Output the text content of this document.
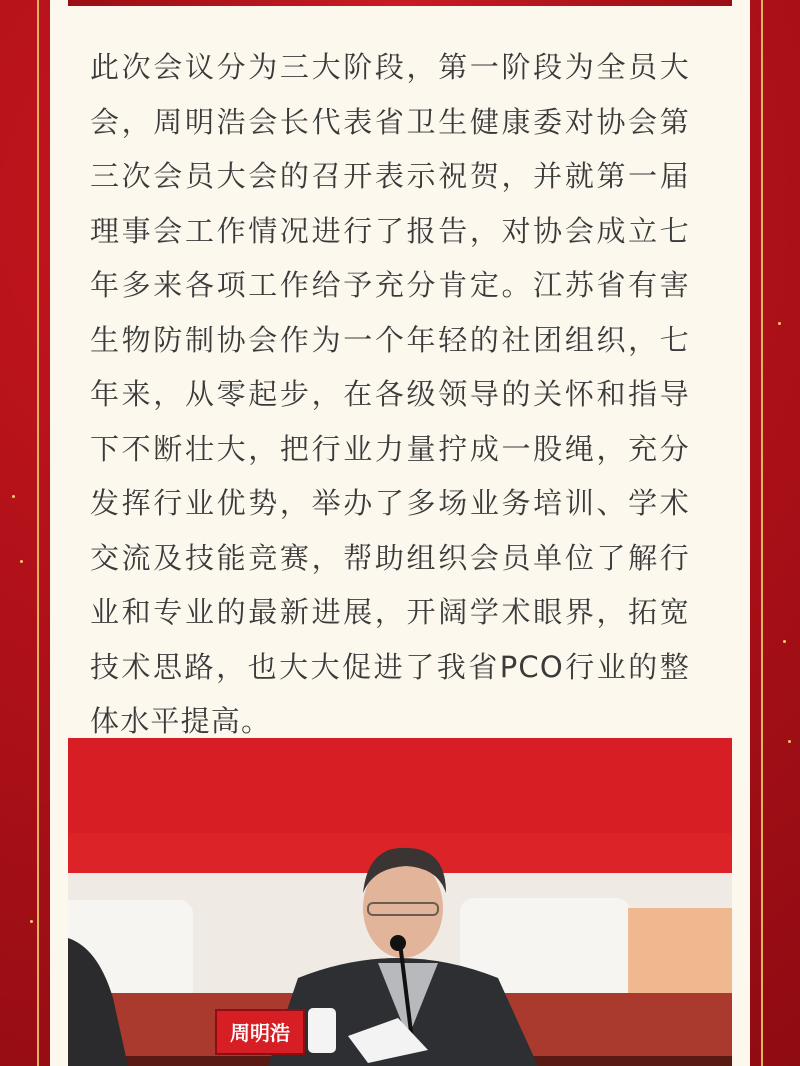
此次会议分为三大阶段，第一阶段为全员大会，周明浩会长代表省卫生健康委对协会第三次会员大会的召开表示祝贺，并就第一届理事会工作情况进行了报告，对协会成立七年多来各项工作给予充分肯定。江苏省有害生物防制协会作为一个年轻的社团组织，七年来，从零起步，在各级领导的关怀和指导下不断壮大，把行业力量拧成一股绳，充分发挥行业优势，举办了多场业务培训、学术交流及技能竞赛，帮助组织会员单位了解行业和专业的最新进展，开阔学术眼界，拓宽技术思路，也大大促进了我省PCO行业的整体水平提高。
周明浩
